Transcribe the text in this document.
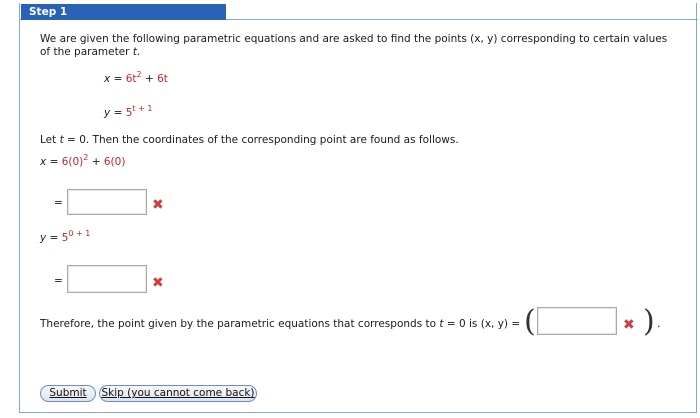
Step 1
We are given the following parametric equations and are asked to find the points (x, y) corresponding to certain values
of the parameter t.
$x = 6t^2 + 6t$
$y = 5^{t + 1}$
Let t = 0. Then the coordinates of the corresponding point are found as follows.
$x = 6(0)^2 + 6(0)$
=	✖
$y = 5^{0 + 1}$
=	✖
Therefore, the point given by the parametric equations that corresponds to t = 0 is (x, y) = (	✖ ) .
Submit	Skip (you cannot come back)
